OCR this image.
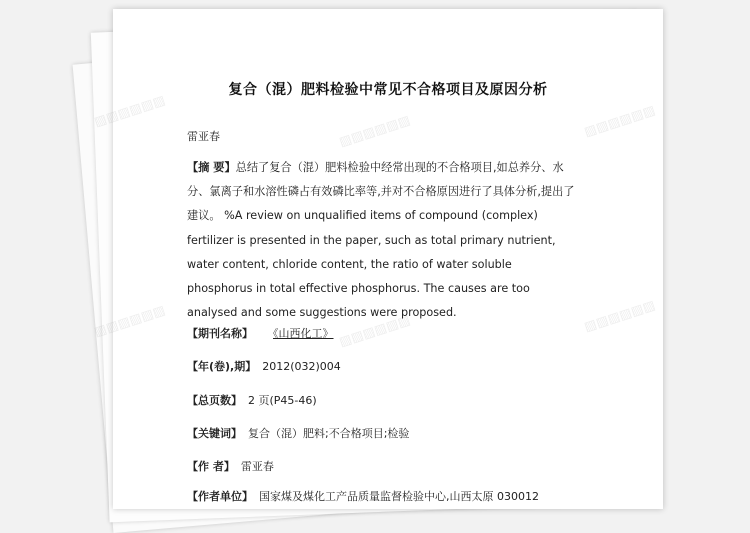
▨▨▨▨▨▨
▨▨▨▨▨▨	▨▨▨▨▨▨
▨▨▨▨▨▨	▨▨▨▨▨▨	▨▨▨▨▨▨
复合（混）肥料检验中常见不合格项目及原因分析
雷亚春

【摘 要】总结了复合（混）肥料检验中经常出现的不合格项目,如总养分、水分、氯离子和水溶性磷占有效磷比率等,并对不合格原因进行了具体分析,提出了建议。 %A review on unqualified items of compound (complex) fertilizer is presented in the paper, such as total primary nutrient, water content, chloride content, the ratio of water soluble phosphorus in total effective phosphorus. The causes are too analysed and some suggestions were proposed.

【期刊名称】 《山西化工》
【年(卷),期】 2012(032)004
【总页数】 2 页(P45-46)
【关键词】 复合（混）肥料;不合格项目;检验
【作 者】 雷亚春
【作者单位】 国家煤及煤化工产品质量监督检验中心,山西太原 030012
